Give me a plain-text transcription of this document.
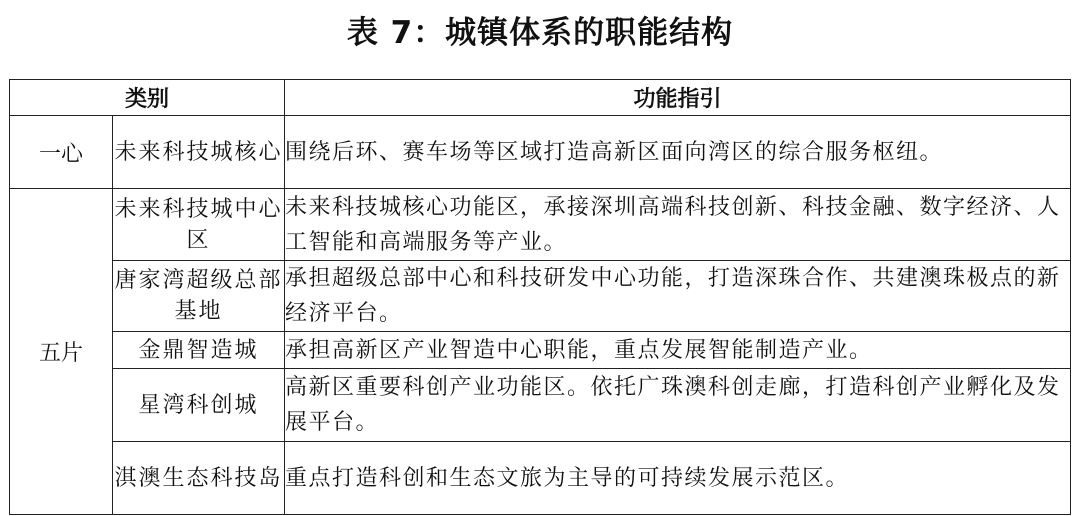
表 7：城镇体系的职能结构
类别		功能指引
一心	未来科技城核心	围绕后环、赛车场等区域打造高新区面向湾区的综合服务枢纽。
五片	未来科技城中心区	未来科技城核心功能区，承接深圳高端科技创新、科技金融、数字经济、人工智能和高端服务等产业。
	唐家湾超级总部基地	承担超级总部中心和科技研发中心功能，打造深珠合作、共建澳珠极点的新经济平台。
	金鼎智造城	承担高新区产业智造中心职能，重点发展智能制造产业。
	星湾科创城	高新区重要科创产业功能区。依托广珠澳科创走廊，打造科创产业孵化及发展平台。
	淇澳生态科技岛	重点打造科创和生态文旅为主导的可持续发展示范区。
